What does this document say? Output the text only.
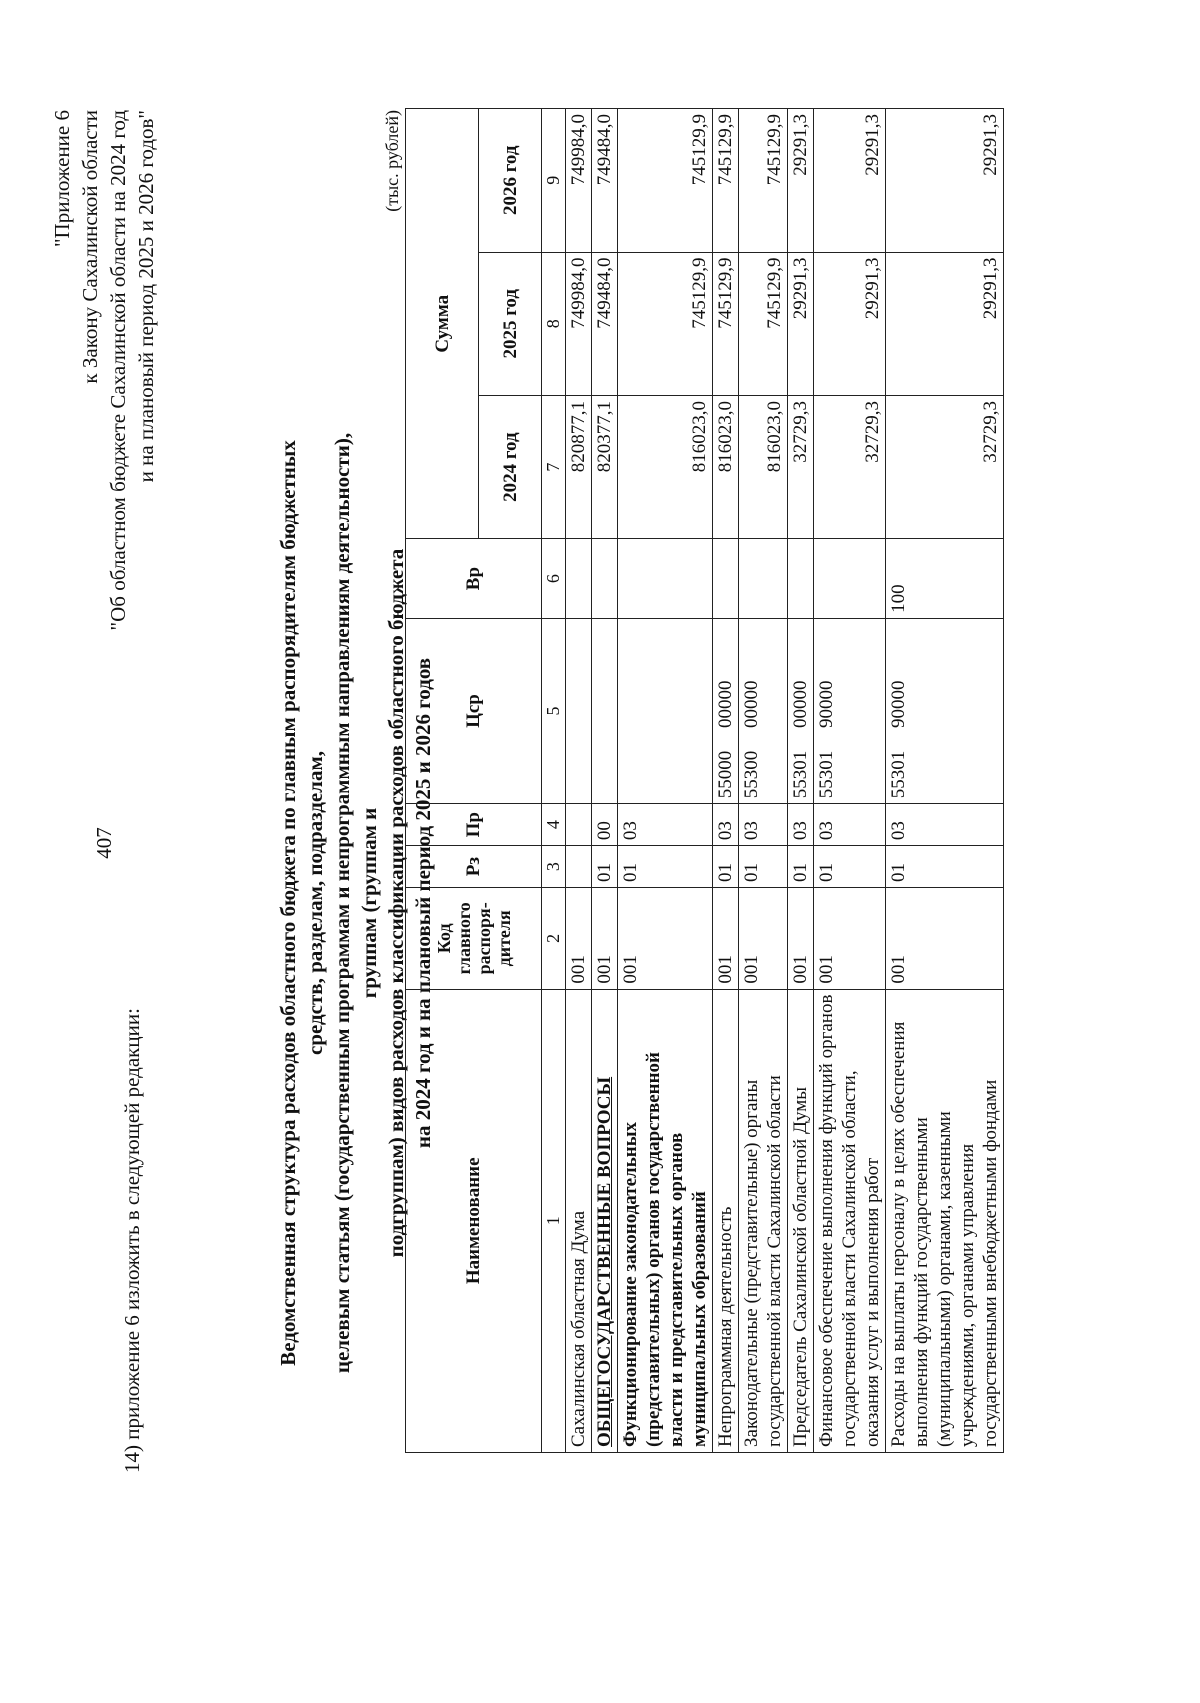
407
14) приложение 6 изложить в следующей редакции:
"Приложение 6 к Закону Сахалинской области "Об областном бюджете Сахалинской области на 2024 год и на плановый период 2025 и 2026 годов"
Ведомственная структура расходов областного бюджета по главным распорядителям бюджетных средств, разделам, подразделам, целевым статьям (государственным программам и непрограммным направлениям деятельности), группам (группам и подгруппам) видов расходов классификации расходов областного бюджета на 2024 год и на плановый период 2025 и 2026 годов
(тыс. рублей)
Наименование	Код главного распоря-дителя	Рз	Пр	Цср	Вр	Сумма		
						2024 год	2025 год	2026 год
1	2	3	4	5	6	7	8	9
Сахалинская областная Дума	001					820877,1	749984,0	749984,0
ОБЩЕГОСУДАРСТВЕННЫЕ ВОПРОСЫ	001	01	00			820377,1	749484,0	749484,0
Функционирование законодательных (представительных) органов государственной власти и представительных органов муниципальных образований	001	01	03			816023,0	745129,9	745129,9
Непрограммная деятельность	001	01	03	55000 00000		816023,0	745129,9	745129,9
Законодательные (представительные) органы государственной власти Сахалинской области	001	01	03	55300 00000		816023,0	745129,9	745129,9
Председатель Сахалинской областной Думы	001	01	03	55301 00000		32729,3	29291,3	29291,3
Финансовое обеспечение выполнения функций органов государственной власти Сахалинской области, оказания услуг и выполнения работ	001	01	03	55301 90000		32729,3	29291,3	29291,3
Расходы на выплаты персоналу в целях обеспечения выполнения функций государственными (муниципальными) органами, казенными учреждениями, органами управления государственными внебюджетными фондами	001	01	03	55301 90000	100	32729,3	29291,3	29291,3
